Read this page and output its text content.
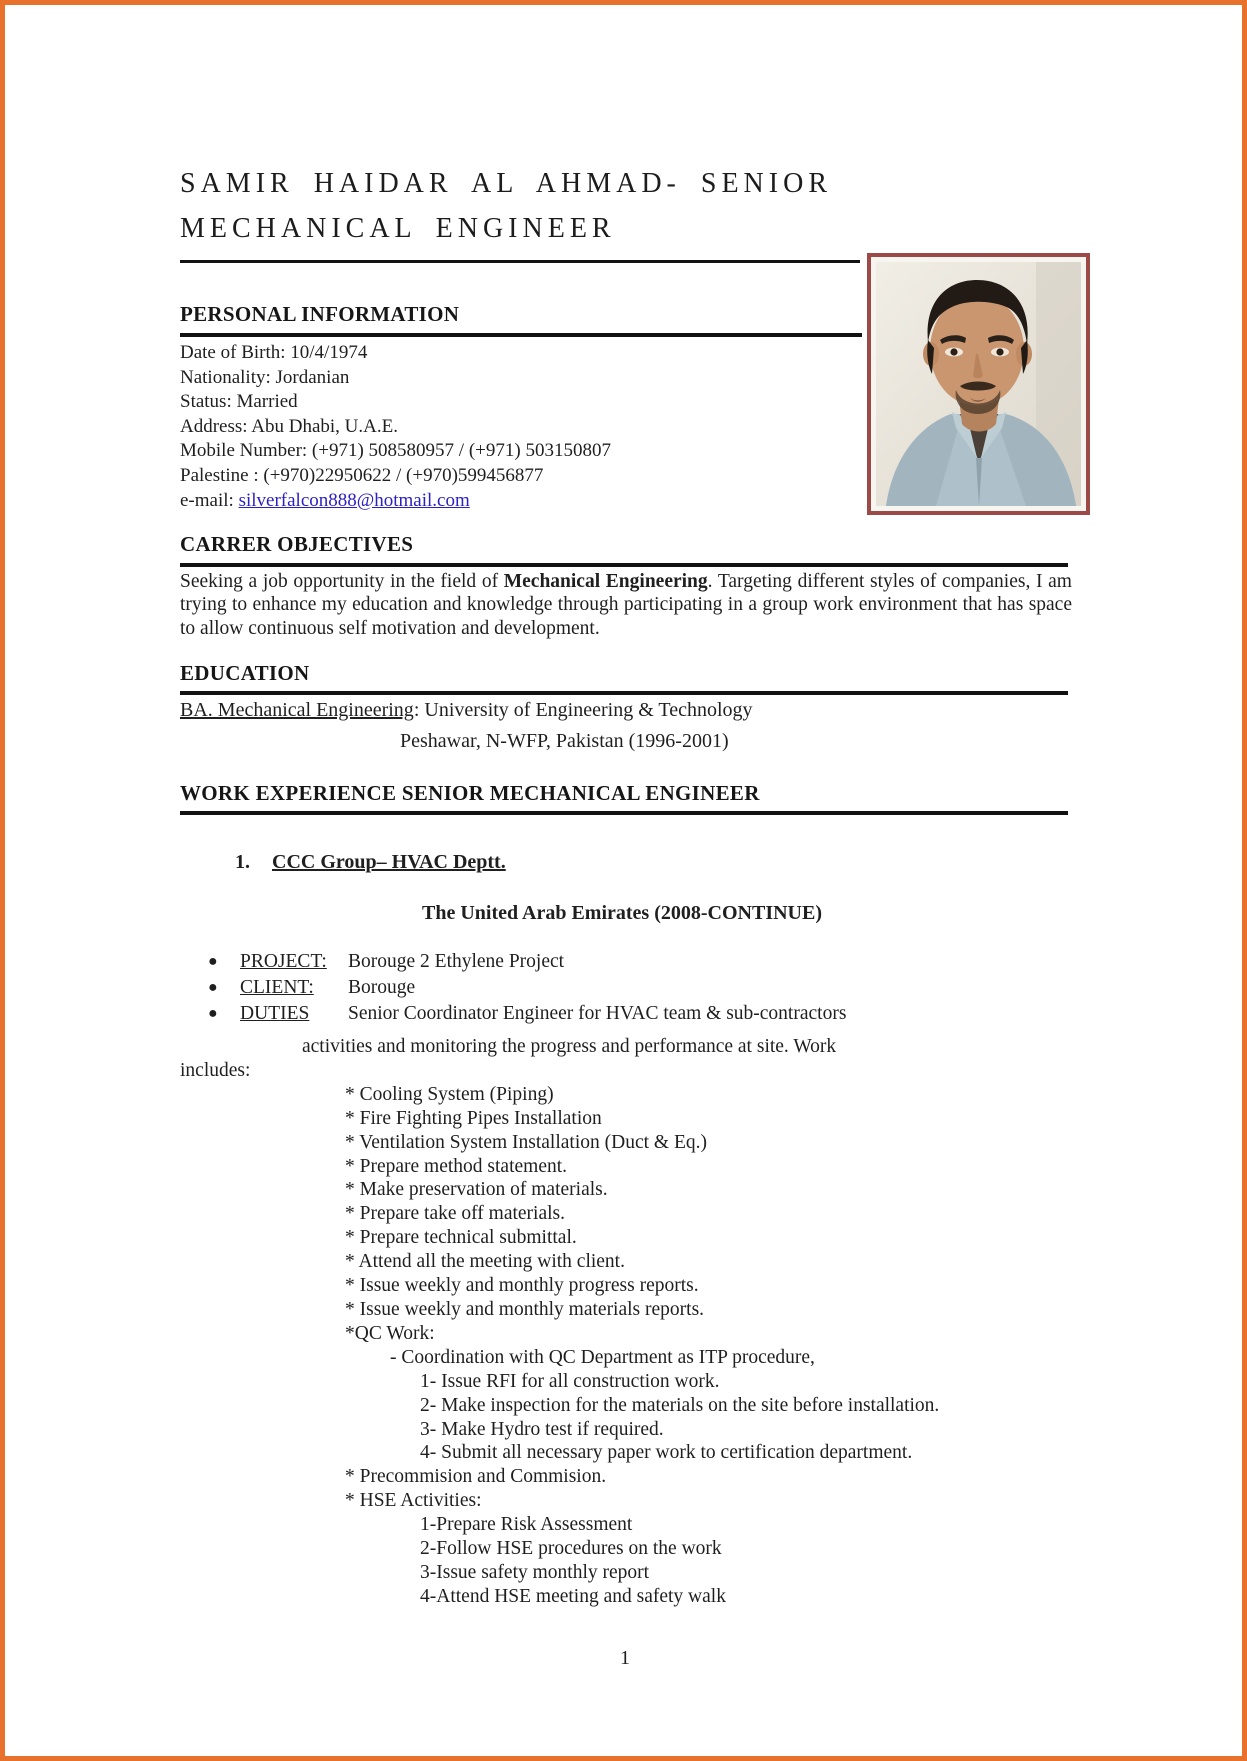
SAMIR HAIDAR AL AHMAD- SENIOR
MECHANICAL ENGINEER
PERSONAL INFORMATION
Date of Birth: 10/4/1974
Nationality: Jordanian
Status: Married
Address: Abu Dhabi, U.A.E.
Mobile Number: (+971) 508580957 / (+971) 503150807
Palestine : (+970)22950622 / (+970)599456877
e-mail: silverfalcon888@hotmail.com
CARRER OBJECTIVES
Seeking a job opportunity in the field of Mechanical Engineering. Targeting different styles of companies, I am trying to enhance my education and knowledge through participating in a group work environment that has space to allow continuous self motivation and development.
EDUCATION
BA. Mechanical Engineering: University of Engineering & Technology
Peshawar, N-WFP, Pakistan (1996-2001)
WORK EXPERIENCE SENIOR MECHANICAL ENGINEER
1. CCC Group– HVAC Deptt.
The United Arab Emirates (2008-CONTINUE)
●	PROJECT:	Borouge 2 Ethylene Project
●	CLIENT:	Borouge
●	DUTIES	Senior Coordinator Engineer for HVAC team & sub-contractors
activities and monitoring the progress and performance at site. Work
includes:
* Cooling System (Piping)
* Fire Fighting Pipes Installation
* Ventilation System Installation (Duct & Eq.)
* Prepare method statement.
* Make preservation of materials.
* Prepare take off materials.
* Prepare technical submittal.
* Attend all the meeting with client.
* Issue weekly and monthly progress reports.
* Issue weekly and monthly materials reports.
*QC Work:
- Coordination with QC Department as ITP procedure,
1- Issue RFI for all construction work.
2- Make inspection for the materials on the site before installation.
3- Make Hydro test if required.
4- Submit all necessary paper work to certification department.
* Precommision and Commision.
* HSE Activities:
1-Prepare Risk Assessment
2-Follow HSE procedures on the work
3-Issue safety monthly report
4-Attend HSE meeting and safety walk
1
